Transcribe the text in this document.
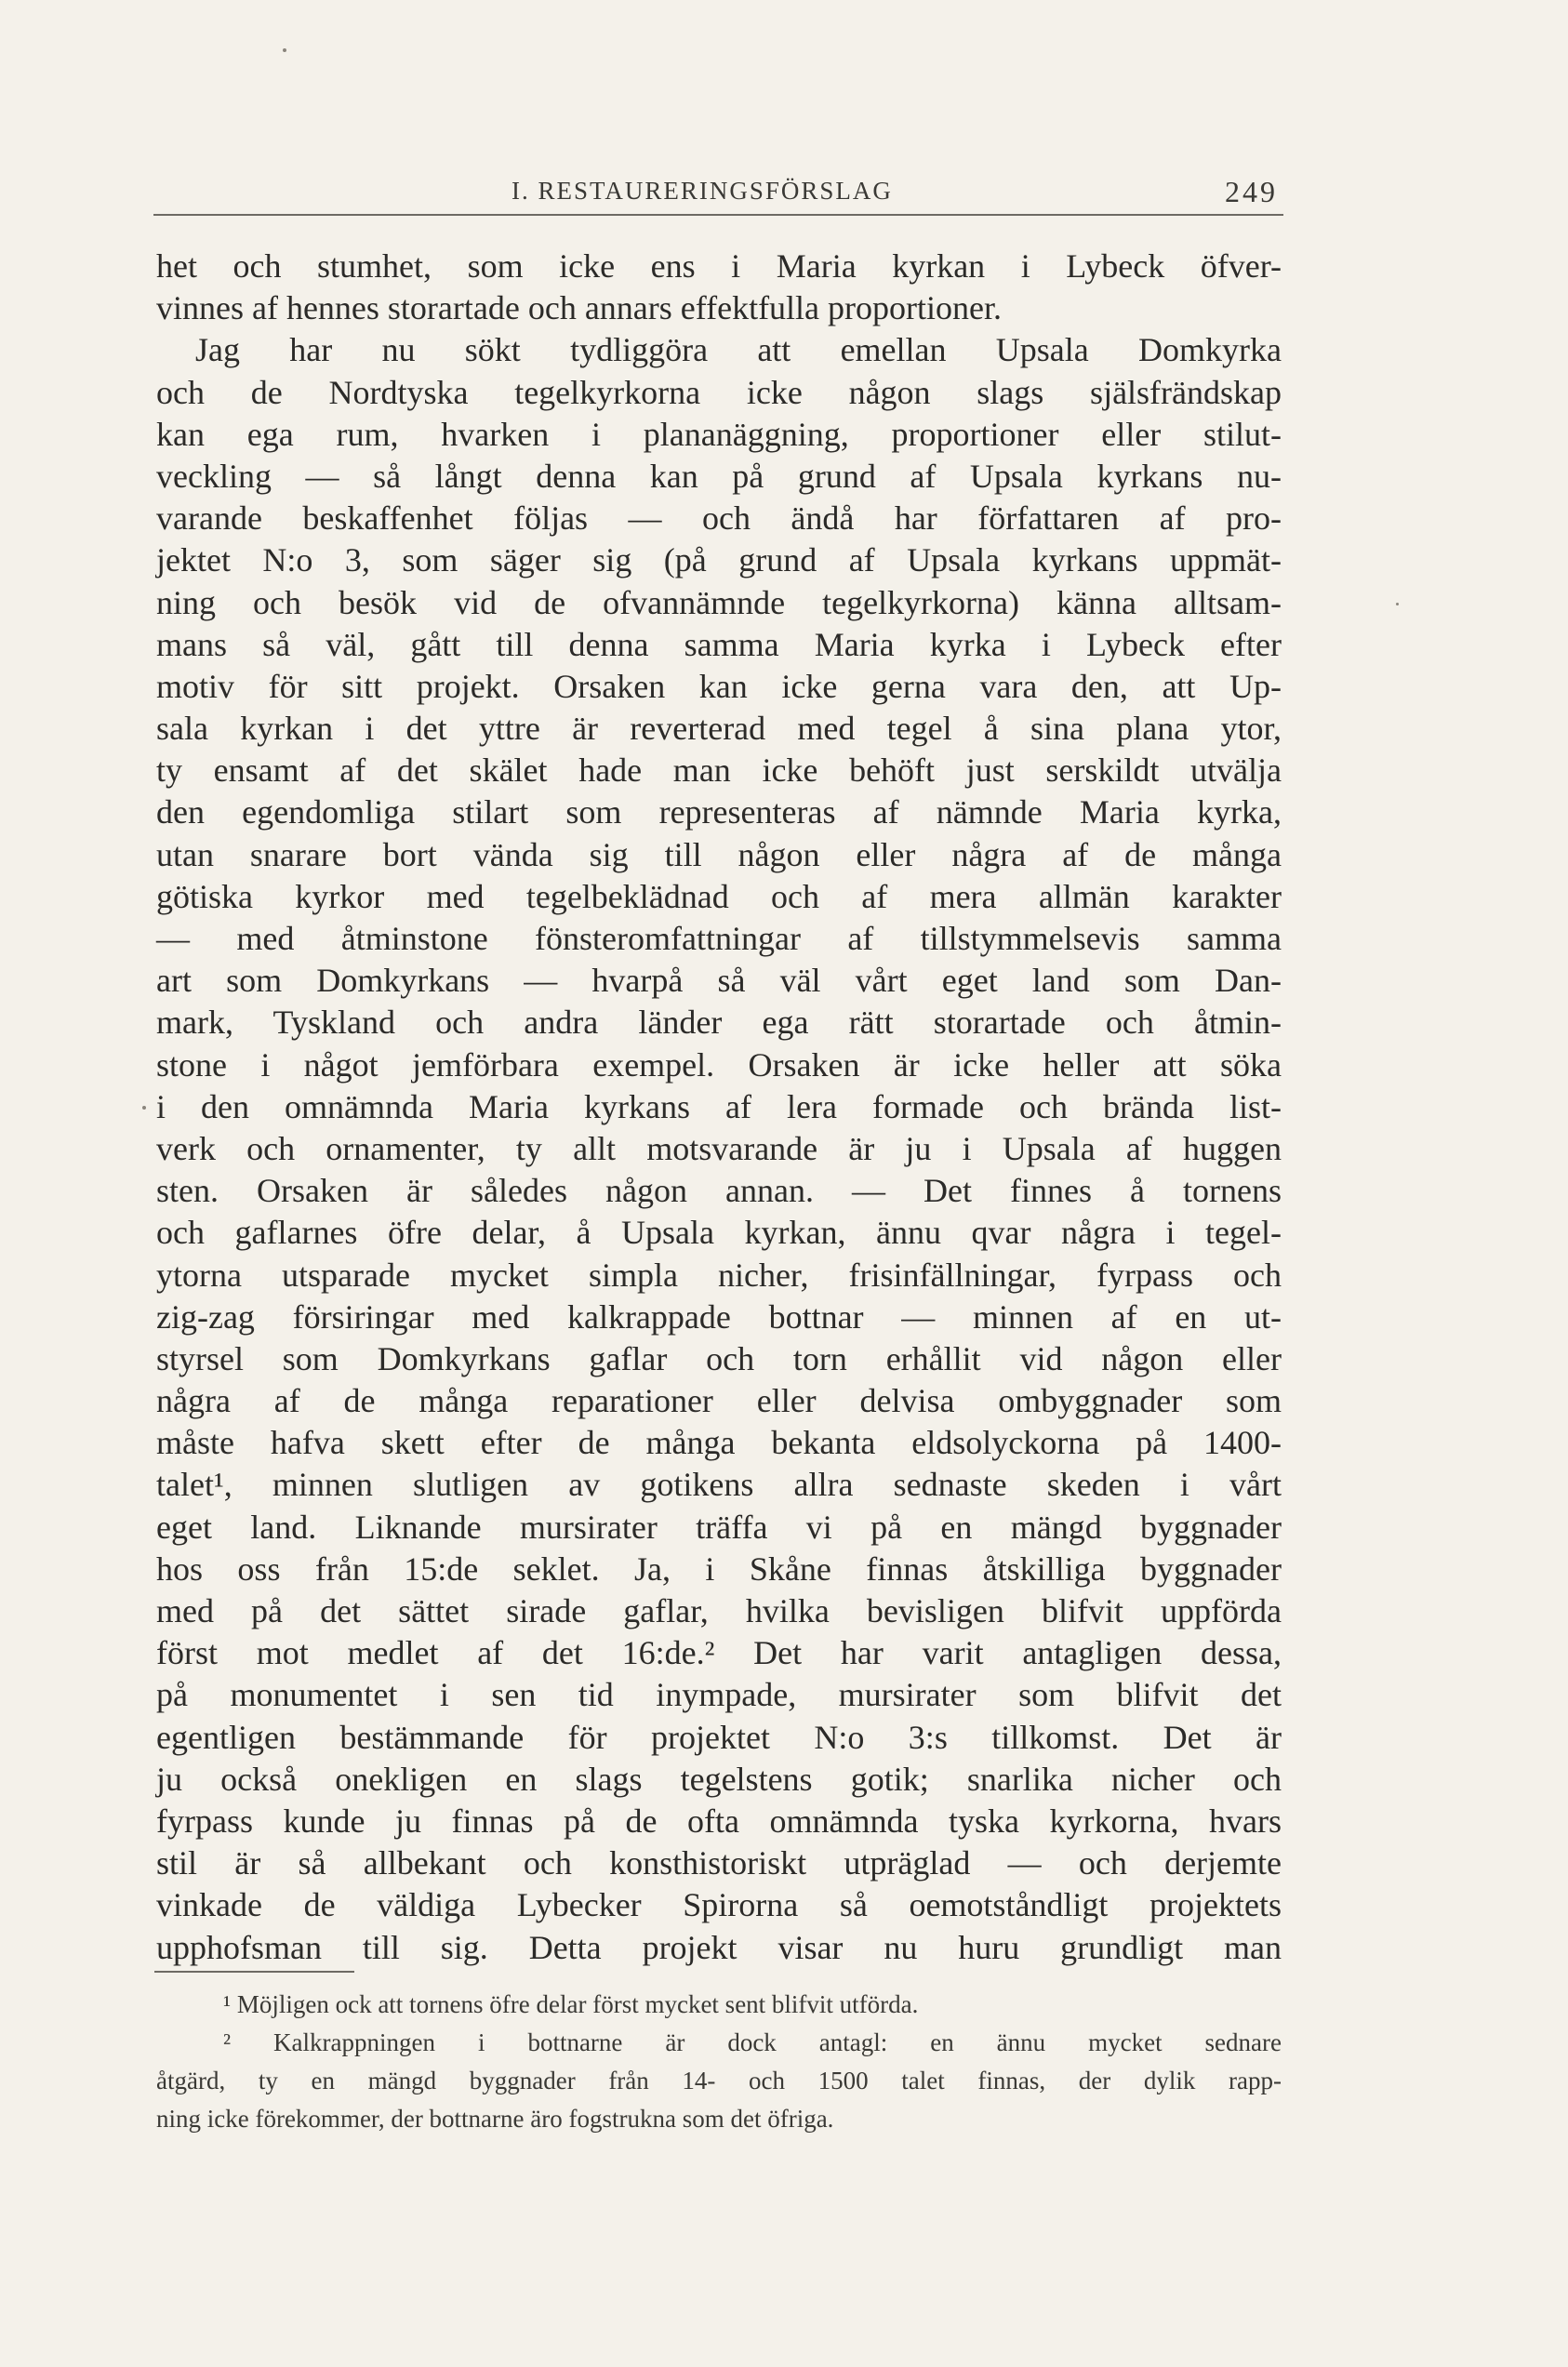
I. RESTAURERINGSFÖRSLAG	249
het och stumhet, som icke ens i Maria kyrkan i Lybeck öfver-
vinnes af hennes storartade och annars effektfulla proportioner.
Jag har nu sökt tydliggöra att emellan Upsala Domkyrka
och de Nordtyska tegelkyrkorna icke någon slags själsfrändskap
kan ega rum, hvarken i plananäggning, proportioner eller stilut-
veckling — så långt denna kan på grund af Upsala kyrkans nu-
varande beskaffenhet följas — och ändå har författaren af pro-
jektet N:o 3, som säger sig (på grund af Upsala kyrkans uppmät-
ning och besök vid de ofvannämnde tegelkyrkorna) känna alltsam-
mans så väl, gått till denna samma Maria kyrka i Lybeck efter
motiv för sitt projekt. Orsaken kan icke gerna vara den, att Up-
sala kyrkan i det yttre är reverterad med tegel å sina plana ytor,
ty ensamt af det skälet hade man icke behöft just serskildt utvälja
den egendomliga stilart som representeras af nämnde Maria kyrka,
utan snarare bort vända sig till någon eller några af de många
götiska kyrkor med tegelbeklädnad och af mera allmän karakter
— med åtminstone fönsteromfattningar af tillstymmelsevis samma
art som Domkyrkans — hvarpå så väl vårt eget land som Dan-
mark, Tyskland och andra länder ega rätt storartade och åtmin-
stone i något jemförbara exempel. Orsaken är icke heller att söka
i den omnämnda Maria kyrkans af lera formade och brända list-
verk och ornamenter, ty allt motsvarande är ju i Upsala af huggen
sten. Orsaken är således någon annan. — Det finnes å tornens
och gaflarnes öfre delar, å Upsala kyrkan, ännu qvar några i tegel-
ytorna utsparade mycket simpla nicher, frisinfällningar, fyrpass och
zig-zag försiringar med kalkrappade bottnar — minnen af en ut-
styrsel som Domkyrkans gaflar och torn erhållit vid någon eller
några af de många reparationer eller delvisa ombyggnader som
måste hafva skett efter de många bekanta eldsolyckorna på 1400-
talet¹, minnen slutligen av gotikens allra sednaste skeden i vårt
eget land. Liknande mursirater träffa vi på en mängd byggnader
hos oss från 15:de seklet. Ja, i Skåne finnas åtskilliga byggnader
med på det sättet sirade gaflar, hvilka bevisligen blifvit uppförda
först mot medlet af det 16:de.² Det har varit antagligen dessa,
på monumentet i sen tid inympade, mursirater som blifvit det
egentligen bestämmande för projektet N:o 3:s tillkomst. Det är
ju också onekligen en slags tegelstens gotik; snarlika nicher och
fyrpass kunde ju finnas på de ofta omnämnda tyska kyrkorna, hvars
stil är så allbekant och konsthistoriskt utpräglad — och derjemte
vinkade de väldiga Lybecker Spirorna så oemotståndligt projektets
upphofsman till sig. Detta projekt visar nu huru grundligt man
¹ Möjligen ock att tornens öfre delar först mycket sent blifvit utförda.
² Kalkrappningen i bottnarne är dock antagl: en ännu mycket sednare
åtgärd, ty en mängd byggnader från 14- och 1500 talet finnas, der dylik rapp-
ning icke förekommer, der bottnarne äro fogstrukna som det öfriga.
